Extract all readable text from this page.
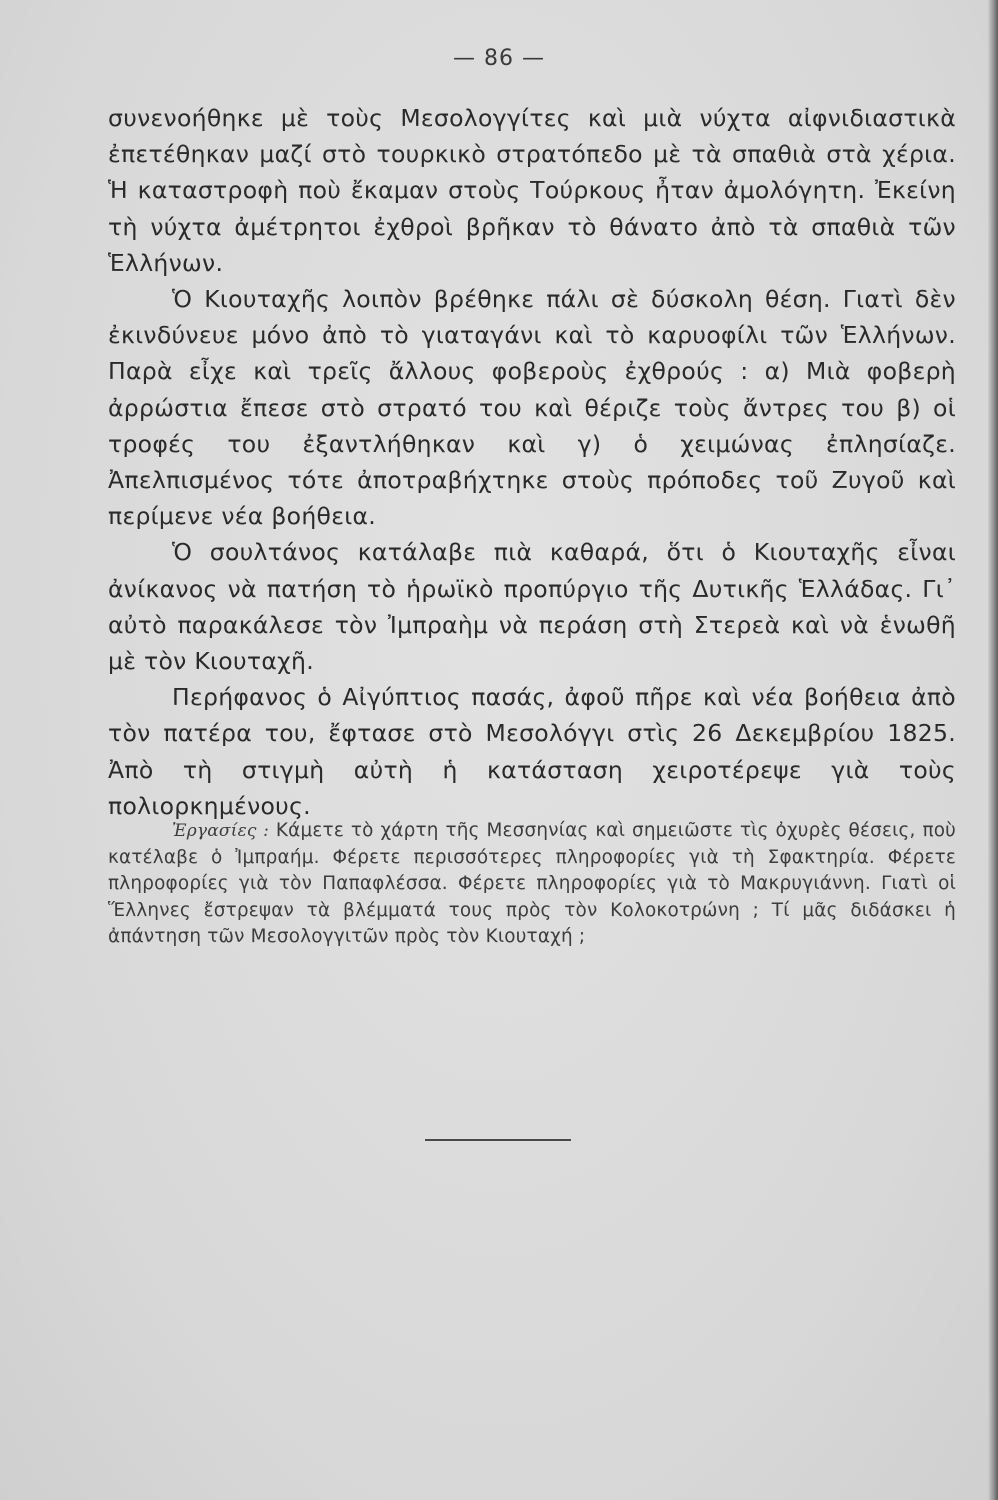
— 86 —

συνενοήθηκε μὲ τοὺς Μεσολογγίτες καὶ μιὰ νύχτα αἰφνιδιαστικὰ ἐπετέθηκαν μαζί στὸ τουρκικὸ στρατόπεδο μὲ τὰ σπαθιὰ στὰ χέρια. Ἡ καταστροφὴ ποὺ ἔκαμαν στοὺς Τούρκους ἦταν ἀμολόγητη. Ἐκείνη τὴ νύχτα ἀμέτρητοι ἐχθροὶ βρῆκαν τὸ θάνατο ἀπὸ τὰ σπαθιὰ τῶν Ἑλλήνων.

Ὁ Κιουταχῆς λοιπὸν βρέθηκε πάλι σὲ δύσκολη θέση. Γιατὶ δὲν ἐκινδύνευε μόνο ἀπὸ τὸ γιαταγάνι καὶ τὸ καρυοφίλι τῶν Ἑλλήνων. Παρὰ εἶχε καὶ τρεῖς ἄλλους φοβεροὺς ἐχθρούς : α) Μιὰ φοβερὴ ἀρρώστια ἔπεσε στὸ στρατό του καὶ θέριζε τοὺς ἄντρες του β) οἱ τροφές του ἐξαντλήθηκαν καὶ γ) ὁ χειμώνας ἐπλησίαζε. Ἀπελπισμένος τότε ἀποτραβήχτηκε στοὺς πρόποδες τοῦ Ζυγοῦ καὶ περίμενε νέα βοήθεια.

Ὁ σουλτάνος κατάλαβε πιὰ καθαρά, ὅτι ὁ Κιουταχῆς εἶναι ἀνίκανος νὰ πατήση τὸ ἡρωϊκὸ προπύργιο τῆς Δυτικῆς Ἑλλάδας. Γι᾿ αὐτὸ παρακάλεσε τὸν Ἰμπραὴμ νὰ περάση στὴ Στερεὰ καὶ νὰ ἑνωθῆ μὲ τὸν Κιουταχῆ.

Περήφανος ὁ Αἰγύπτιος πασάς, ἀφοῦ πῆρε καὶ νέα βοήθεια ἀπὸ τὸν πατέρα του, ἔφτασε στὸ Μεσολόγγι στὶς 26 Δεκεμβρίου 1825. Ἀπὸ τὴ στιγμὴ αὐτὴ ἡ κατάσταση χειροτέρεψε γιὰ τοὺς πολιορκημένους.

Ἐργασίες : Κάμετε τὸ χάρτη τῆς Μεσσηνίας καὶ σημειῶστε τὶς ὀχυρὲς θέσεις, ποὺ κατέλαβε ὁ Ἰμπραήμ. Φέρετε περισσότερες πληροφορίες γιὰ τὴ Σφακτηρία. Φέρετε πληροφορίες γιὰ τὸν Παπαφλέσσα. Φέρετε πληροφορίες γιὰ τὸ Μακρυγιάννη. Γιατὶ οἱ Ἕλληνες ἔστρεψαν τὰ βλέμματά τους πρὸς τὸν Κολοκοτρώνη ; Τί μᾶς διδάσκει ἡ ἀπάντηση τῶν Μεσολογγιτῶν πρὸς τὸν Κιουταχή ;
